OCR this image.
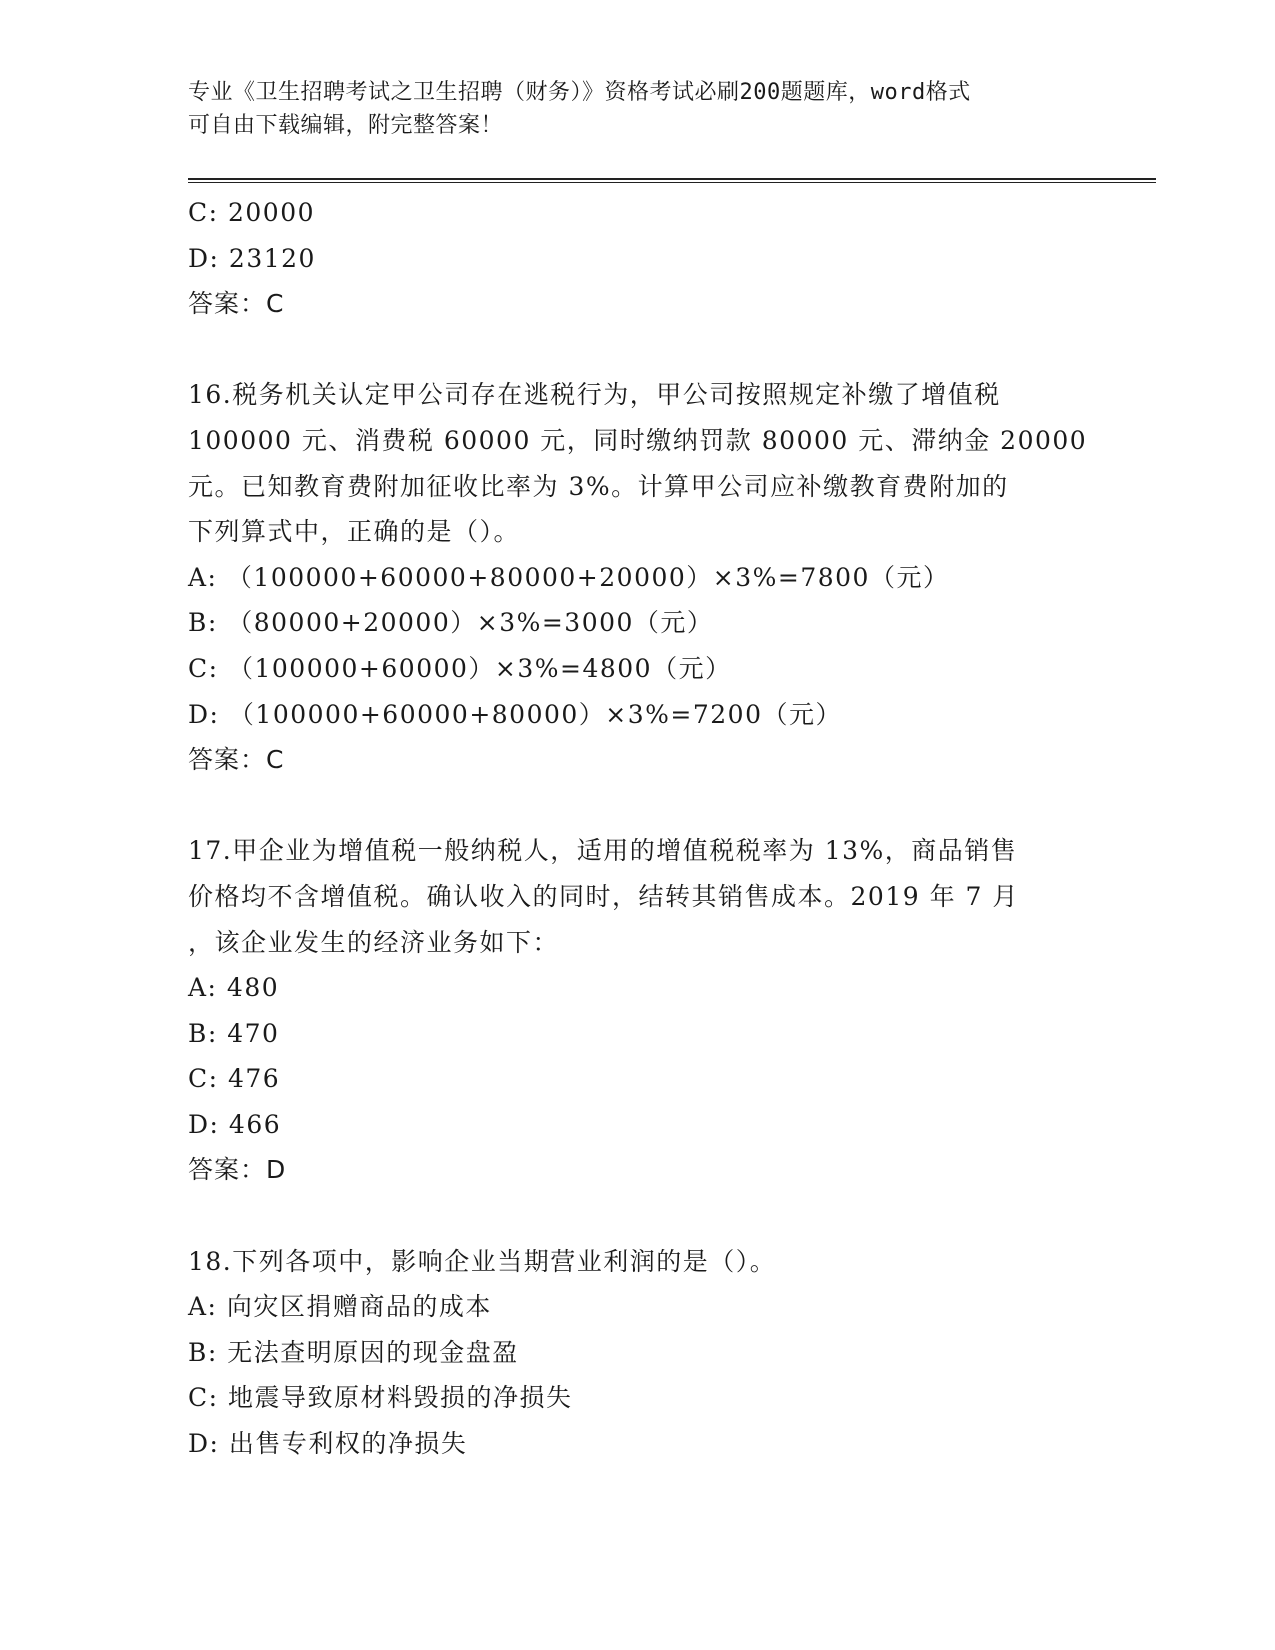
专业《卫生招聘考试之卫生招聘（财务）》资格考试必刷200题题库，word格式
可自由下载编辑，附完整答案！
C: 20000
D: 23120
答案：C
16.税务机关认定甲公司存在逃税行为，甲公司按照规定补缴了增值税
100000 元、消费税 60000 元，同时缴纳罚款 80000 元、滞纳金 20000
元。已知教育费附加征收比率为 3%。计算甲公司应补缴教育费附加的
下列算式中，正确的是（）。
A: （100000+60000+80000+20000）×3%=7800（元）
B: （80000+20000）×3%=3000（元）
C: （100000+60000）×3%=4800（元）
D: （100000+60000+80000）×3%=7200（元）
答案：C
17.甲企业为增值税一般纳税人，适用的增值税税率为 13%，商品销售
价格均不含增值税。确认收入的同时，结转其销售成本。2019 年 7 月
，该企业发生的经济业务如下：
A: 480
B: 470
C: 476
D: 466
答案：D
18.下列各项中，影响企业当期营业利润的是（）。
A: 向灾区捐赠商品的成本
B: 无法查明原因的现金盘盈
C: 地震导致原材料毁损的净损失
D: 出售专利权的净损失
